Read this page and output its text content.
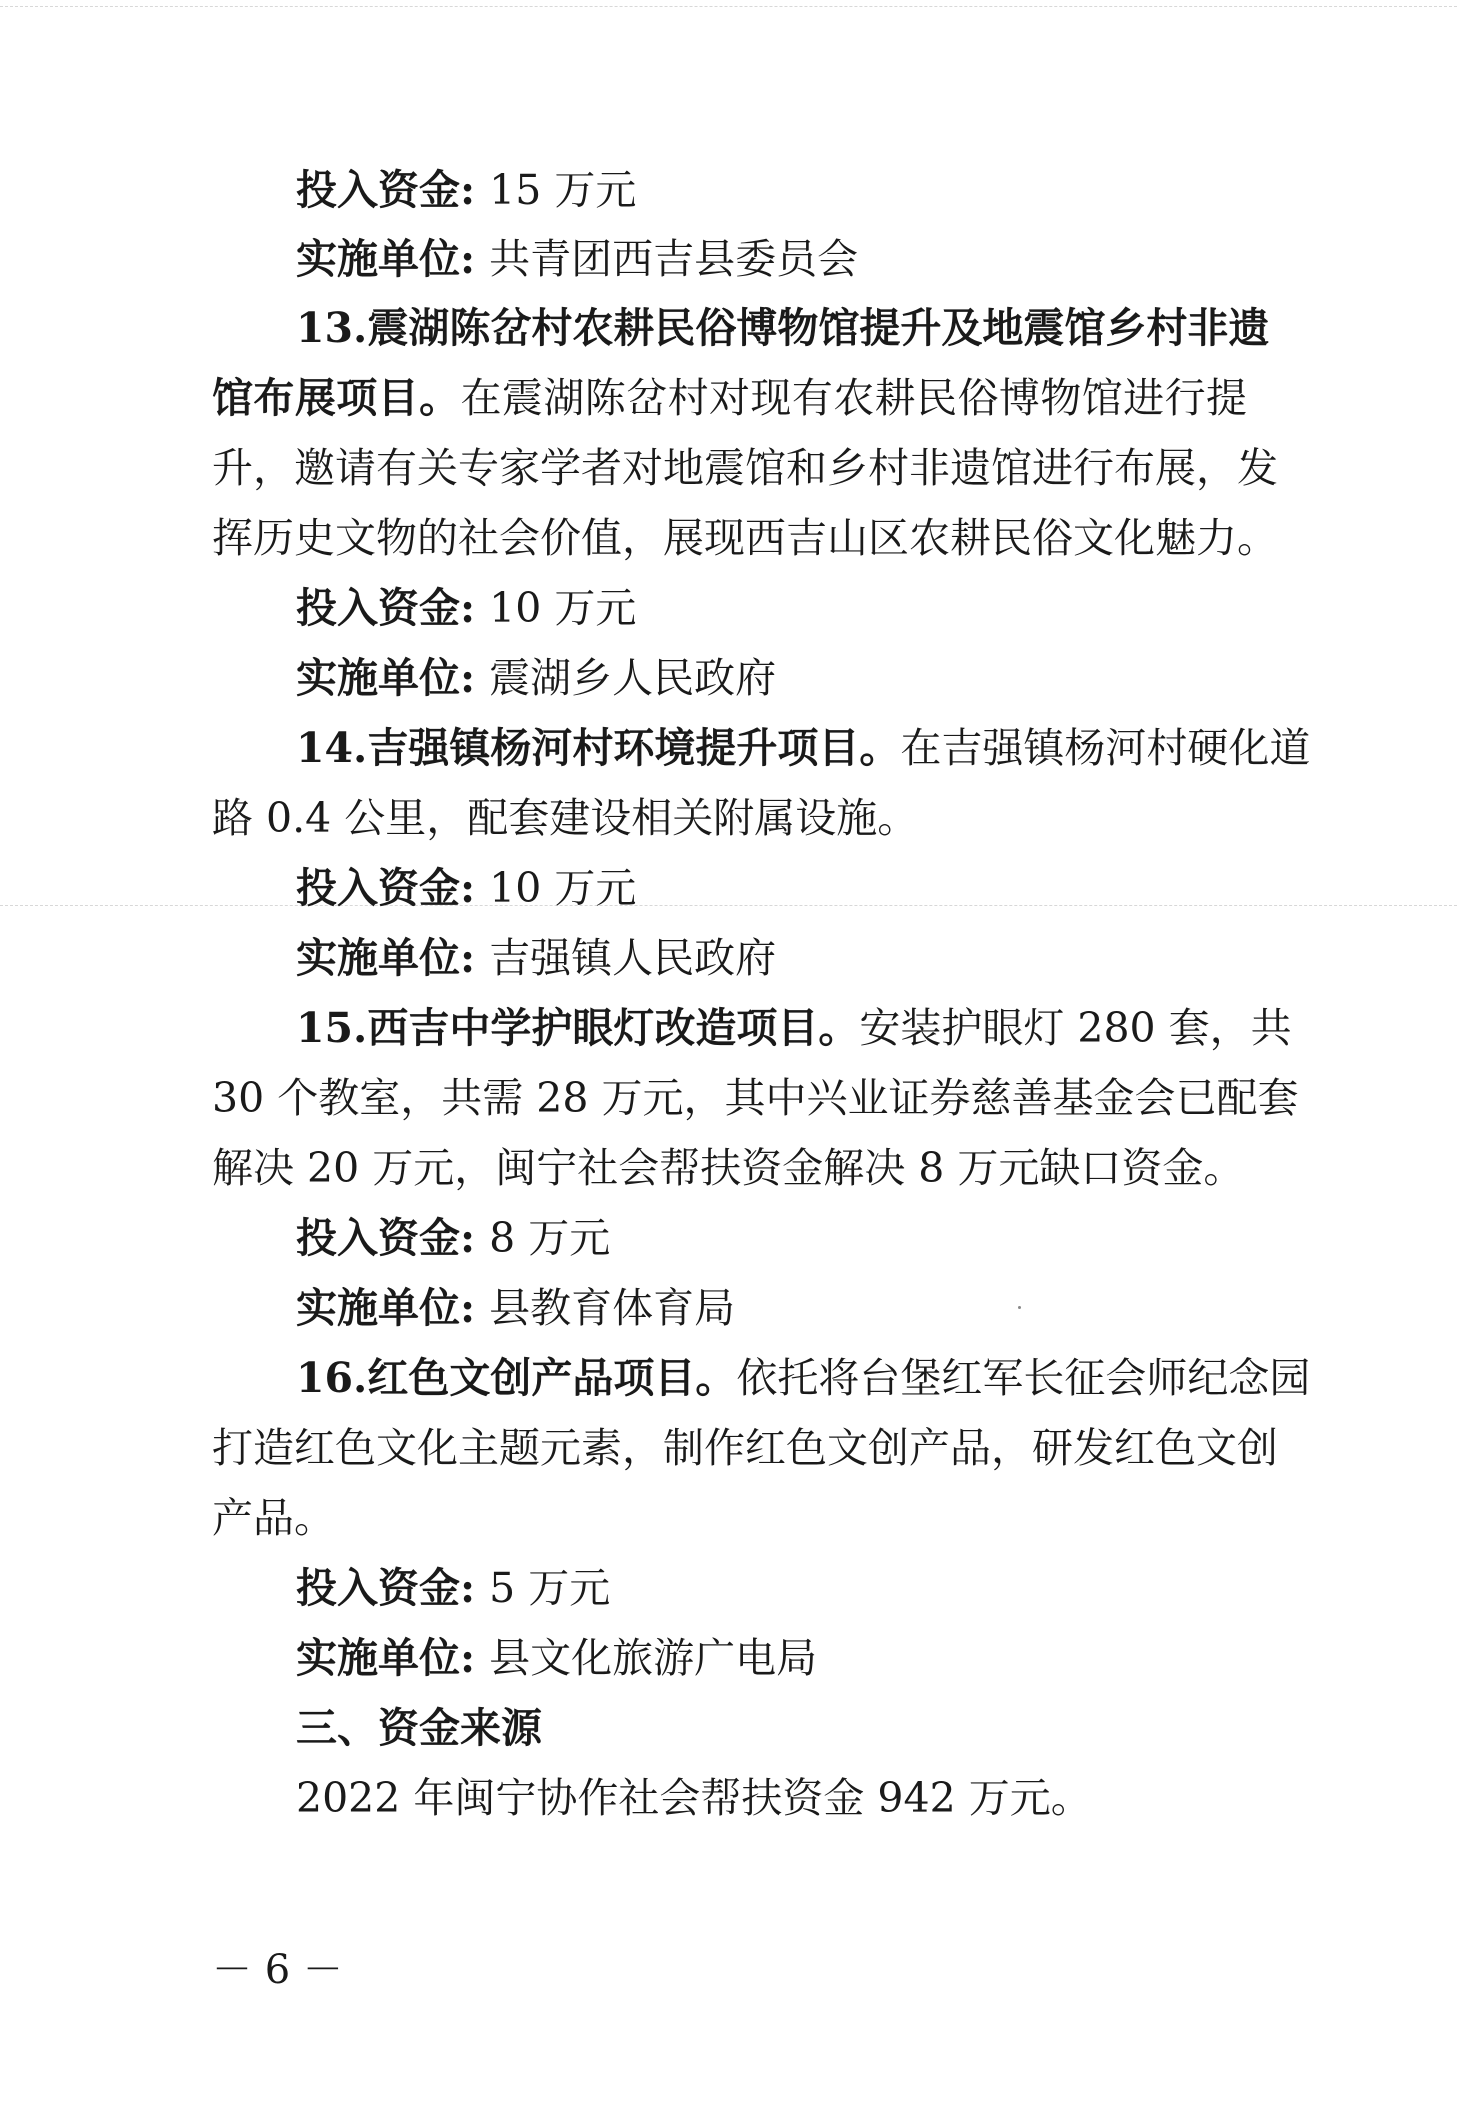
投入资金: 15 万元
实施单位: 共青团西吉县委员会
13.震湖陈岔村农耕民俗博物馆提升及地震馆乡村非遗
馆布展项目。在震湖陈岔村对现有农耕民俗博物馆进行提
升，邀请有关专家学者对地震馆和乡村非遗馆进行布展，发
挥历史文物的社会价值，展现西吉山区农耕民俗文化魅力。
投入资金: 10 万元
实施单位: 震湖乡人民政府
14.吉强镇杨河村环境提升项目。在吉强镇杨河村硬化道
路 0.4 公里，配套建设相关附属设施。
投入资金: 10 万元
实施单位: 吉强镇人民政府
15.西吉中学护眼灯改造项目。安装护眼灯 280 套，共
30 个教室，共需 28 万元，其中兴业证券慈善基金会已配套
解决 20 万元，闽宁社会帮扶资金解决 8 万元缺口资金。
投入资金: 8 万元
实施单位: 县教育体育局
16.红色文创产品项目。依托将台堡红军长征会师纪念园
打造红色文化主题元素，制作红色文创产品，研发红色文创
产品。
投入资金: 5 万元
实施单位: 县文化旅游广电局
三、资金来源
2022 年闽宁协作社会帮扶资金 942 万元。
－ 6 －
